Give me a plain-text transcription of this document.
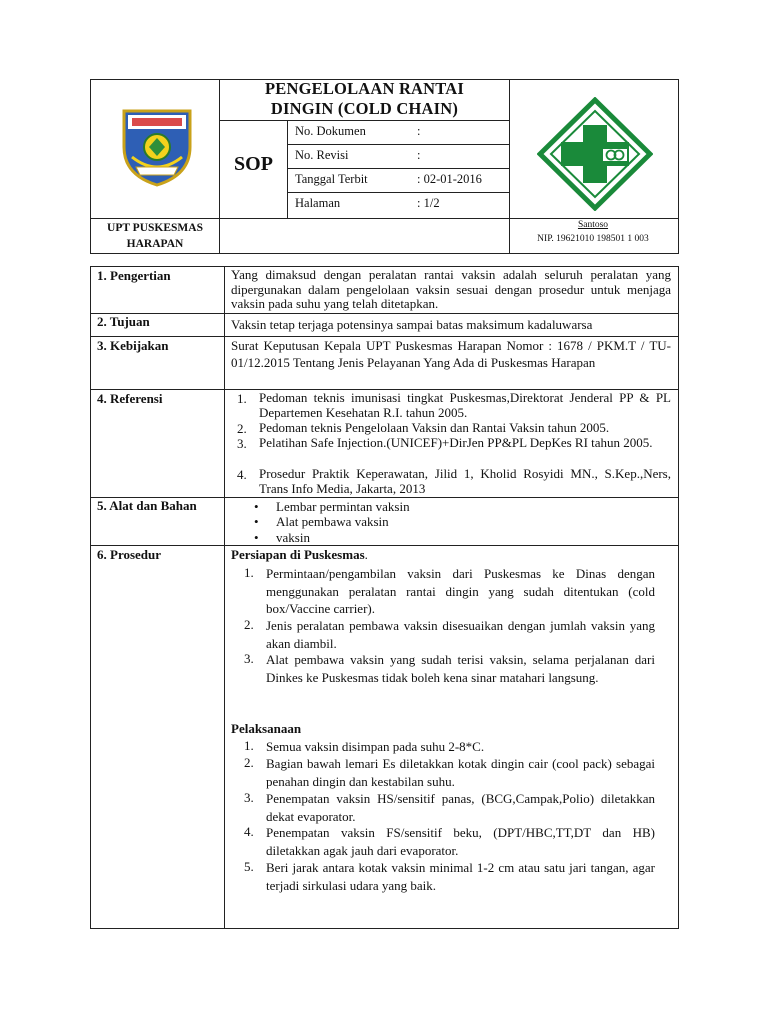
PENGELOLAAN RANTAI
DINGIN (COLD CHAIN)
SOP
No. Dokumen	:
No. Revisi	:
Tanggal Terbit	: 02-01-2016
Halaman	: 1/2
UPT PUSKESMAS
HARAPAN
Santoso
NIP. 19621010 198501 1 003
1. Pengertian	Yang dimaksud dengan peralatan rantai vaksin adalah seluruh peralatan yang dipergunakan dalam pengelolaan vaksin sesuai dengan prosedur untuk menjaga vaksin pada suhu yang telah ditetapkan.
2. Tujuan	Vaksin tetap terjaga potensinya sampai batas maksimum kadaluwarsa
3. Kebijakan	Surat Keputusan Kepala UPT Puskesmas Harapan Nomor : 1678 / PKM.T / TU-01/12.2015 Tentang Jenis Pelayanan Yang Ada di Puskesmas Harapan
4. Referensi	1. Pedoman teknis imunisasi tingkat Puskesmas,Direktorat Jenderal PP & PL Departemen Kesehatan R.I. tahun 2005.
2. Pedoman teknis Pengelolaan Vaksin dan Rantai Vaksin tahun 2005.
3. Pelatihan Safe Injection.(UNICEF)+DirJen PP&PL DepKes RI tahun 2005.
4. Prosedur Praktik Keperawatan, Jilid 1, Kholid Rosyidi MN., S.Kep.,Ners, Trans Info Media, Jakarta, 2013
5. Alat dan Bahan	• Lembar permintan vaksin
• Alat pembawa vaksin
• vaksin
6. Prosedur	Persiapan di Puskesmas.
1. Permintaan/pengambilan vaksin dari Puskesmas ke Dinas dengan menggunakan peralatan rantai dingin yang sudah ditentukan (cold box/Vaccine carrier).
2. Jenis peralatan pembawa vaksin disesuaikan dengan jumlah vaksin yang akan diambil.
3. Alat pembawa vaksin yang sudah terisi vaksin, selama perjalanan dari Dinkes ke Puskesmas tidak boleh kena sinar matahari langsung.
Pelaksanaan
1. Semua vaksin disimpan pada suhu 2-8*C.
2. Bagian bawah lemari Es diletakkan kotak dingin cair (cool pack) sebagai penahan dingin dan kestabilan suhu.
3. Penempatan vaksin HS/sensitif panas, (BCG,Campak,Polio) diletakkan dekat evaporator.
4. Penempatan vaksin FS/sensitif beku, (DPT/HBC,TT,DT dan HB) diletakkan agak jauh dari evaporator.
5. Beri jarak antara kotak vaksin minimal 1-2 cm atau satu jari tangan, agar terjadi sirkulasi udara yang baik.
